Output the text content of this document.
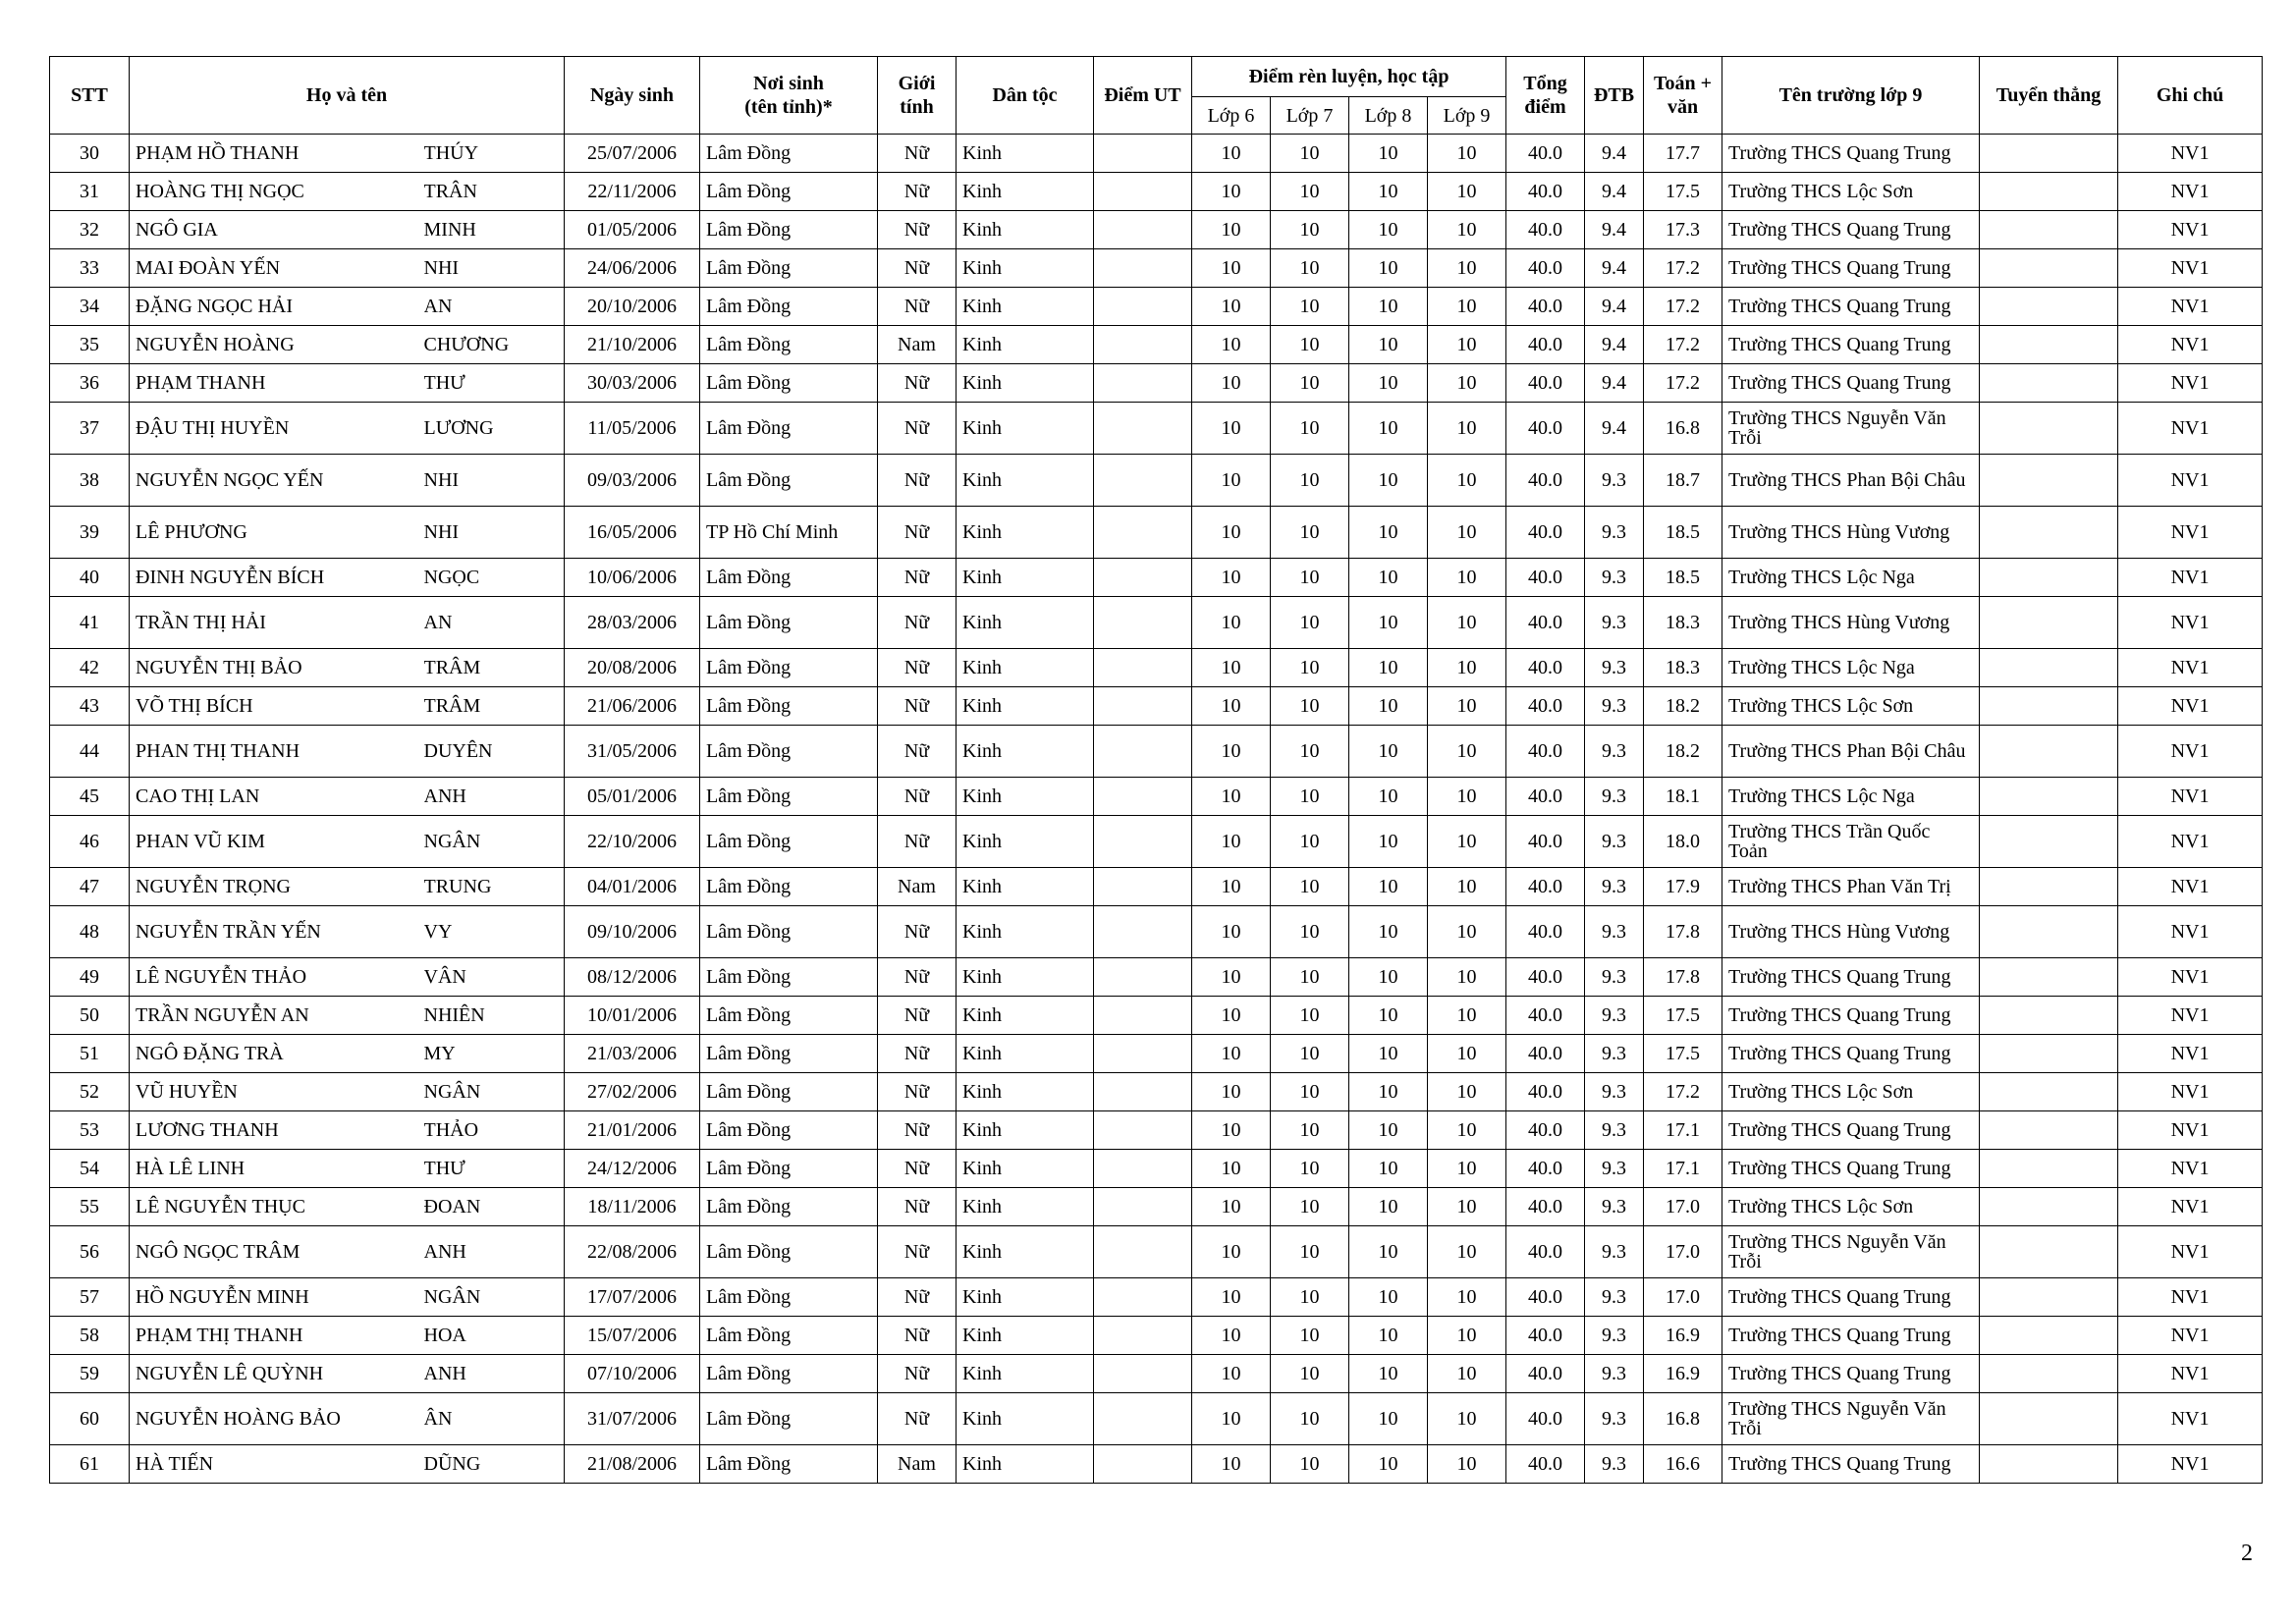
STT	Họ và tên		Ngày sinh	Nơi sinh
(tên tỉnh)*	Giới
tính	Dân tộc	Điểm UT	Điểm rèn luyện, học tập				Tổng
điểm	ĐTB	Toán +
văn	Tên trường lớp 9	Tuyển thẳng	Ghi chú
								Lớp 6	Lớp 7	Lớp 8	Lớp 9						
30	PHẠM HỒ THANH	THÚY	25/07/2006	Lâm Đồng	Nữ	Kinh		10	10	10	10	40.0	9.4	17.7	Trường THCS Quang Trung		NV1
31	HOÀNG THỊ NGỌC	TRÂN	22/11/2006	Lâm Đồng	Nữ	Kinh		10	10	10	10	40.0	9.4	17.5	Trường THCS Lộc Sơn		NV1
32	NGÔ GIA	MINH	01/05/2006	Lâm Đồng	Nữ	Kinh		10	10	10	10	40.0	9.4	17.3	Trường THCS Quang Trung		NV1
33	MAI ĐOÀN YẾN	NHI	24/06/2006	Lâm Đồng	Nữ	Kinh		10	10	10	10	40.0	9.4	17.2	Trường THCS Quang Trung		NV1
34	ĐẶNG NGỌC HẢI	AN	20/10/2006	Lâm Đồng	Nữ	Kinh		10	10	10	10	40.0	9.4	17.2	Trường THCS Quang Trung		NV1
35	NGUYỄN HOÀNG	CHƯƠNG	21/10/2006	Lâm Đồng	Nam	Kinh		10	10	10	10	40.0	9.4	17.2	Trường THCS Quang Trung		NV1
36	PHẠM THANH	THƯ	30/03/2006	Lâm Đồng	Nữ	Kinh		10	10	10	10	40.0	9.4	17.2	Trường THCS Quang Trung		NV1
37	ĐẬU THỊ HUYỀN	LƯƠNG	11/05/2006	Lâm Đồng	Nữ	Kinh		10	10	10	10	40.0	9.4	16.8	Trường THCS Nguyễn Văn Trỗi		NV1
38	NGUYỄN NGỌC YẾN	NHI	09/03/2006	Lâm Đồng	Nữ	Kinh		10	10	10	10	40.0	9.3	18.7	Trường THCS Phan Bội Châu		NV1
39	LÊ PHƯƠNG	NHI	16/05/2006	TP Hồ Chí Minh	Nữ	Kinh		10	10	10	10	40.0	9.3	18.5	Trường THCS Hùng Vương		NV1
40	ĐINH NGUYỄN BÍCH	NGỌC	10/06/2006	Lâm Đồng	Nữ	Kinh		10	10	10	10	40.0	9.3	18.5	Trường THCS Lộc Nga		NV1
41	TRẦN THỊ HẢI	AN	28/03/2006	Lâm Đồng	Nữ	Kinh		10	10	10	10	40.0	9.3	18.3	Trường THCS Hùng Vương		NV1
42	NGUYỄN THỊ BẢO	TRÂM	20/08/2006	Lâm Đồng	Nữ	Kinh		10	10	10	10	40.0	9.3	18.3	Trường THCS Lộc Nga		NV1
43	VÕ THỊ BÍCH	TRÂM	21/06/2006	Lâm Đồng	Nữ	Kinh		10	10	10	10	40.0	9.3	18.2	Trường THCS Lộc Sơn		NV1
44	PHAN THỊ THANH	DUYÊN	31/05/2006	Lâm Đồng	Nữ	Kinh		10	10	10	10	40.0	9.3	18.2	Trường THCS Phan Bội Châu		NV1
45	CAO THỊ LAN	ANH	05/01/2006	Lâm Đồng	Nữ	Kinh		10	10	10	10	40.0	9.3	18.1	Trường THCS Lộc Nga		NV1
46	PHAN VŨ KIM	NGÂN	22/10/2006	Lâm Đồng	Nữ	Kinh		10	10	10	10	40.0	9.3	18.0	Trường THCS Trần Quốc Toản		NV1
47	NGUYỄN TRỌNG	TRUNG	04/01/2006	Lâm Đồng	Nam	Kinh		10	10	10	10	40.0	9.3	17.9	Trường THCS Phan Văn Trị		NV1
48	NGUYỄN TRẦN YẾN	VY	09/10/2006	Lâm Đồng	Nữ	Kinh		10	10	10	10	40.0	9.3	17.8	Trường THCS Hùng Vương		NV1
49	LÊ NGUYỄN THẢO	VÂN	08/12/2006	Lâm Đồng	Nữ	Kinh		10	10	10	10	40.0	9.3	17.8	Trường THCS Quang Trung		NV1
50	TRẦN NGUYỄN AN	NHIÊN	10/01/2006	Lâm Đồng	Nữ	Kinh		10	10	10	10	40.0	9.3	17.5	Trường THCS Quang Trung		NV1
51	NGÔ ĐẶNG TRÀ	MY	21/03/2006	Lâm Đồng	Nữ	Kinh		10	10	10	10	40.0	9.3	17.5	Trường THCS Quang Trung		NV1
52	VŨ HUYỀN	NGÂN	27/02/2006	Lâm Đồng	Nữ	Kinh		10	10	10	10	40.0	9.3	17.2	Trường THCS Lộc Sơn		NV1
53	LƯƠNG THANH	THẢO	21/01/2006	Lâm Đồng	Nữ	Kinh		10	10	10	10	40.0	9.3	17.1	Trường THCS Quang Trung		NV1
54	HÀ LÊ LINH	THƯ	24/12/2006	Lâm Đồng	Nữ	Kinh		10	10	10	10	40.0	9.3	17.1	Trường THCS Quang Trung		NV1
55	LÊ NGUYỄN THỤC	ĐOAN	18/11/2006	Lâm Đồng	Nữ	Kinh		10	10	10	10	40.0	9.3	17.0	Trường THCS Lộc Sơn		NV1
56	NGÔ NGỌC TRÂM	ANH	22/08/2006	Lâm Đồng	Nữ	Kinh		10	10	10	10	40.0	9.3	17.0	Trường THCS Nguyễn Văn Trỗi		NV1
57	HỒ NGUYỄN MINH	NGÂN	17/07/2006	Lâm Đồng	Nữ	Kinh		10	10	10	10	40.0	9.3	17.0	Trường THCS Quang Trung		NV1
58	PHẠM THỊ THANH	HOA	15/07/2006	Lâm Đồng	Nữ	Kinh		10	10	10	10	40.0	9.3	16.9	Trường THCS Quang Trung		NV1
59	NGUYỄN LÊ QUỲNH	ANH	07/10/2006	Lâm Đồng	Nữ	Kinh		10	10	10	10	40.0	9.3	16.9	Trường THCS Quang Trung		NV1
60	NGUYỄN HOÀNG BẢO	ÂN	31/07/2006	Lâm Đồng	Nữ	Kinh		10	10	10	10	40.0	9.3	16.8	Trường THCS Nguyễn Văn Trỗi		NV1
61	HÀ TIẾN	DŨNG	21/08/2006	Lâm Đồng	Nam	Kinh		10	10	10	10	40.0	9.3	16.6	Trường THCS Quang Trung		NV1
2
